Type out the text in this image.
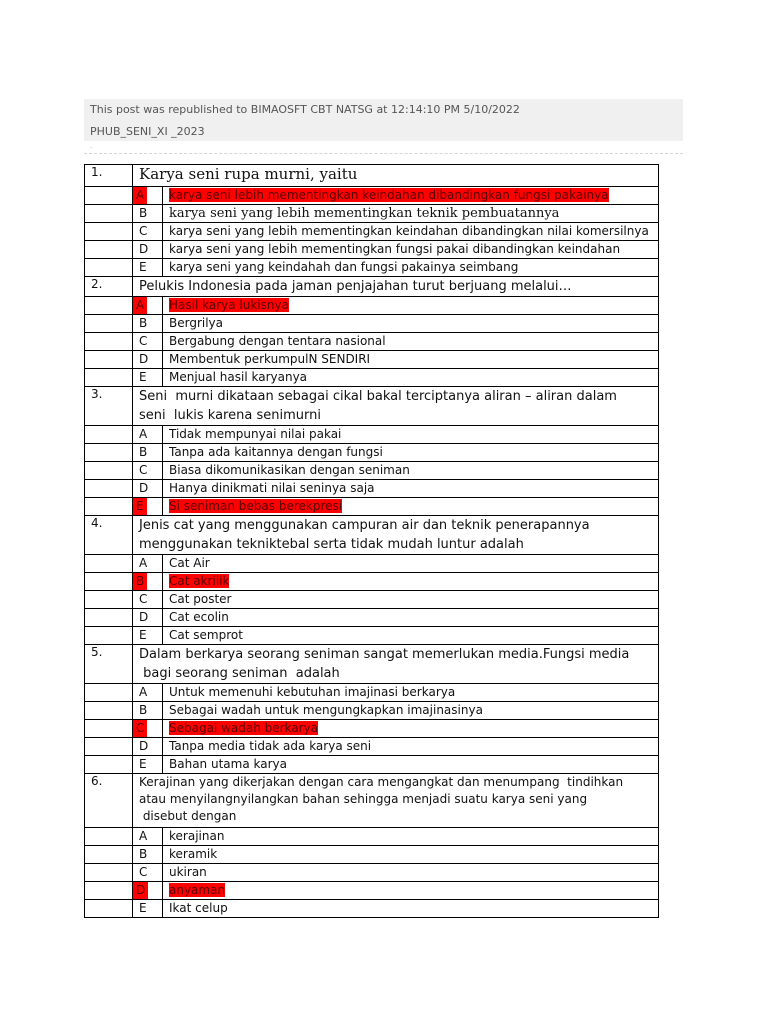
This post was republished to BIMAOSFT CBT NATSG at 12:14:10 PM 5/10/2022
PHUB_SENI_XI _2023
.
1.	Karya seni rupa murni, yaitu	

	A	karya seni lebih mementingkan keindahan dibandingkan fungsi pakainya
	B	karya seni yang lebih mementingkan teknik pembuatannya
	C	karya seni yang lebih mementingkan keindahan dibandingkan nilai komersilnya
	D	karya seni yang lebih mementingkan fungsi pakai dibandingkan keindahan
	E	karya seni yang keindahah dan fungsi pakainya seimbang
2.	Pelukis Indonesia pada jaman penjajahan turut berjuang melalui…	

	A	Hasil karya lukisnya
	B	Bergrilya
	C	Bergabung dengan tentara nasional
	D	Membentuk perkumpulN SENDIRI
	E	Menjual hasil karyanya
3.	Seni  murni dikataan sebagai cikal bakal terciptanya aliran – aliran dalam
seni  lukis karena senimurni	

	A	Tidak mempunyai nilai pakai
	B	Tanpa ada kaitannya dengan fungsi
	C	Biasa dikomunikasikan dengan seniman
	D	Hanya dinikmati nilai seninya saja
	E	Si seniman bebas berekpresi
4.	Jenis cat yang menggunakan campuran air dan teknik penerapannya
menggunakan tekniktebal serta tidak mudah luntur adalah	

	A	Cat Air
	B	Cat akrilik
	C	Cat poster
	D	Cat ecolin
	E	Cat semprot
5.	Dalam berkarya seorang seniman sangat memerlukan media.Fungsi media
bagi seorang seniman  adalah	

	A	Untuk memenuhi kebutuhan imajinasi berkarya
	B	Sebagai wadah untuk mengungkapkan imajinasinya
	C	Sebagai wadah berkarya
	D	Tanpa media tidak ada karya seni
	E	Bahan utama karya
6.	Kerajinan yang dikerjakan dengan cara mengangkat dan menumpang  tindihkan
atau menyilangnyilangkan bahan sehingga menjadi suatu karya seni yang
disebut dengan	

	A	kerajinan
	B	keramik
	C	ukiran
	D	anyaman
	E	Ikat celup
